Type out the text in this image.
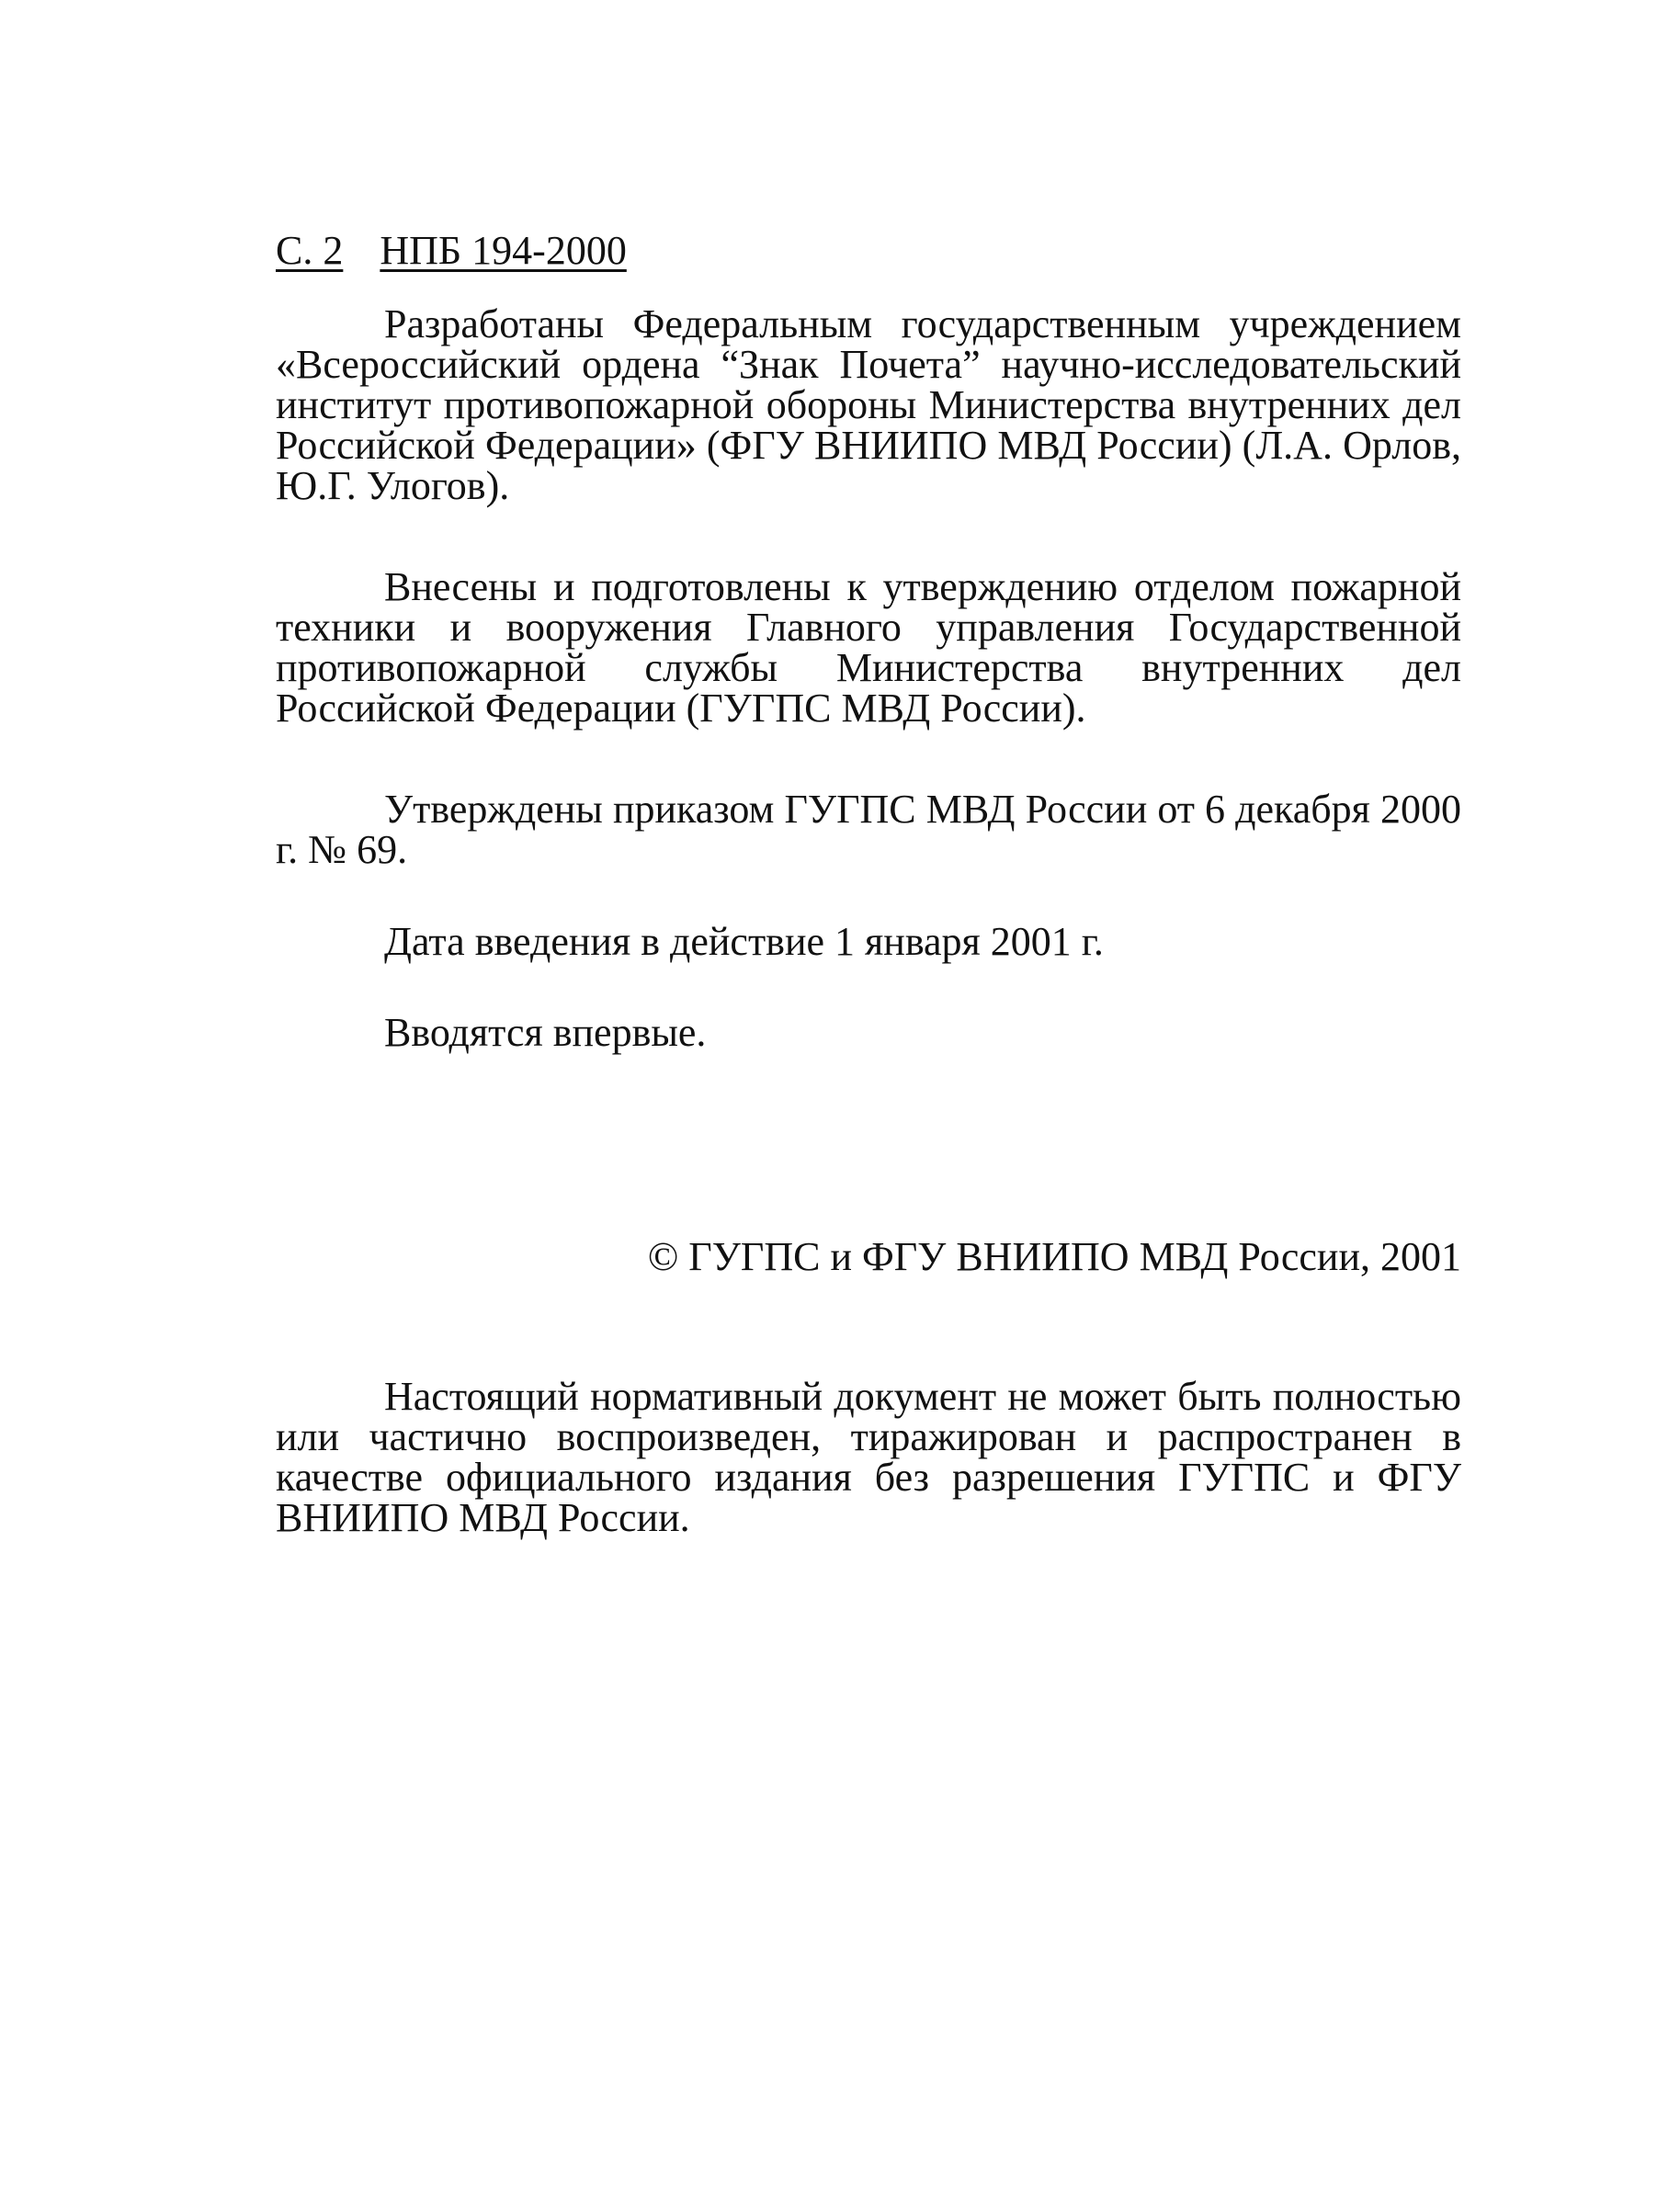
С. 2 НПБ 194-2000

Разработаны Федеральным государственным учреждением «Всероссийский ордена “Знак Почета” научно-исследовательский институт противопожарной обороны Министерства внутренних дел Российской Федерации» (ФГУ ВНИИПО МВД России) (Л.А. Орлов, Ю.Г. Улогов).

Внесены и подготовлены к утверждению отделом пожарной техники и вооружения Главного управления Государственной противопожарной службы Министерства внутренних дел Российской Федерации (ГУГПС МВД России).

Утверждены приказом ГУГПС МВД России от 6 декабря 2000 г. № 69.

Дата введения в действие 1 января 2001 г.

Вводятся впервые.

© ГУГПС и ФГУ ВНИИПО МВД России, 2001

Настоящий нормативный документ не может быть полностью или частично воспроизведен, тиражирован и распространен в качестве официального издания без разрешения ГУГПС и ФГУ ВНИИПО МВД России.
